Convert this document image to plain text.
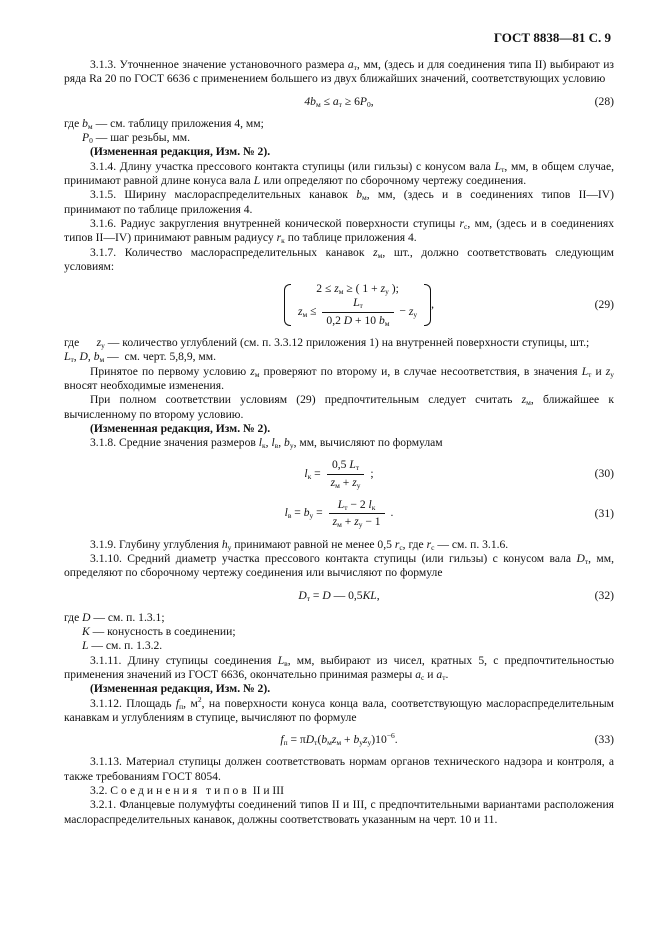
ГОСТ 8838—81 С. 9

3.1.3. Уточненное значение установочного размера $a_т$, мм, (здесь и для соединения типа II) выбирают из ряда Ra 20 по ГОСТ 6636 с применением большего из двух ближайших значений, соответствующих условию

$4b_м \le a_т \ge 6P_0$,	(28)

где $b_м$ — см. таблицу приложения 4, мм;

$P_0$ — шаг резьбы, мм.

(Измененная редакция, Изм. № 2).

3.1.4. Длину участка прессового контакта ступицы (или гильзы) с конусом вала $L_т$, мм, в общем случае, принимают равной длине конуса вала L или определяют по сборочному чертежу соединения.

3.1.5. Ширину маслораспределительных канавок $b_м$, мм, (здесь и в соединениях типов II—IV) принимают по таблице приложения 4.

3.1.6. Радиус закругления внутренней конической поверхности ступицы $r_c$, мм, (здесь и в соединениях типов II—IV) принимают равным радиусу $r_к$ по таблице приложения 4.

3.1.7. Количество маслораспределительных канавок $z_м$, шт., должно соответствовать следующим условиям:

$2 \le z_м$ ≥ ( $1 + z_у$ );
$z_м \le \frac{L_т}{0,2 D + 10 b_м} - z_у$
,	(29)
где      $z_у$ — количество углублений (см. п. 3.3.12 приложения 1) на внутренней поверхности ступицы, шт.;
$L_т$, D, $b_м$ — см. черт. 5,8,9, мм.

Принятое по первому условию $z_м$ проверяют по второму и, в случае несоответствия, в значения $L_т$ и $z_у$ вносят необходимые изменения.

При полном соответствии условиям (29) предпочтительным следует считать $z_м$, ближайшее к вычисленному по второму условию.

(Измененная редакция, Изм. № 2).

3.1.8. Средние значения размеров $l_к$, $l_в$, $b_у$, мм, вычисляют по формулам

$l_к = \frac{0,5 L_т}{z_м + z_у}$ ;	(30)
$l_в = b_у = \frac{L_т - 2 l_к}{z_м + z_у - 1}$ .	(31)

3.1.9. Глубину углубления $h_у$ принимают равной не менее 0,5 $r_c$, где $r_c$ — см. п. 3.1.6.

3.1.10. Средний диаметр участка прессового контакта ступицы (или гильзы) с конусом вала $D_т$, мм, определяют по сборочному чертежу соединения или вычисляют по формуле

$D_т = D$ — 0,5KL,	(32)

где D — см. п. 1.3.1;

K — конусность в соединении;

L — см. п. 1.3.2.

3.1.11. Длину ступицы соединения $L_в$, мм, выбирают из чисел, кратных 5, с предпочтительностью применения значений из ГОСТ 6636, окончательно принимая размеры $a_c$ и $a_т$.

(Измененная редакция, Изм. № 2).

3.1.12. Площадь $f_п$, $м^2$, на поверхности конуса конца вала, соответствующую маслораспределительным канавкам и углублениям в ступице, вычисляют по формуле

$f_п = \pi D_т(b_мz_м + b_уz_у)10^{-6}$.	(33)

3.1.13. Материал ступицы должен соответствовать нормам органов технического надзора и контроля, а также требованиям ГОСТ 8054.

3.2. Соединения типов II и III

3.2.1. Фланцевые полумуфты соединений типов II и III, с предпочтительными вариантами расположения маслораспределительных канавок, должны соответствовать указанным на черт. 10 и 11.
